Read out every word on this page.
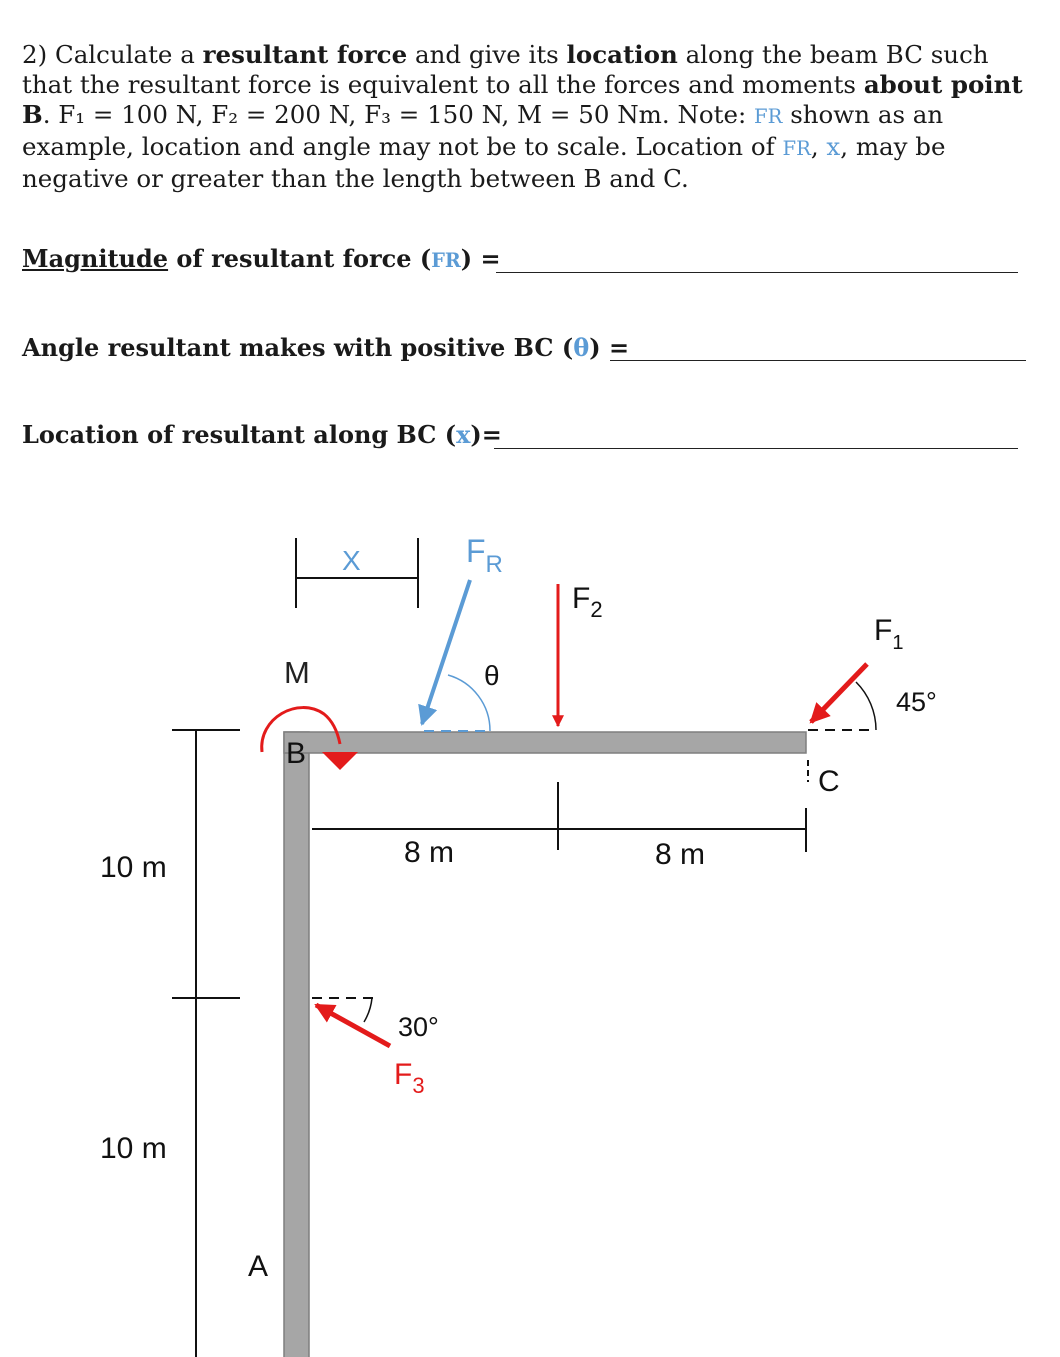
2) Calculate a resultant force and give its location along the beam BC such that the resultant force is equivalent to all the forces and moments about point B. F₁ = 100 N, F₂ = 200 N, F₃ = 150 N, M = 50 Nm. Note: FR shown as an example, location and angle may not be to scale. Location of FR, x, may be negative or greater than the length between B and C.
Magnitude of resultant force (FR) =
Angle resultant makes with positive BC (θ) =
Location of resultant along BC (x)=
10 m
10 m
8 m	8 m
X
θ
$F_R$
$F_2$
$F_1$
45°
C
M
B
30°
$F_3$
A
